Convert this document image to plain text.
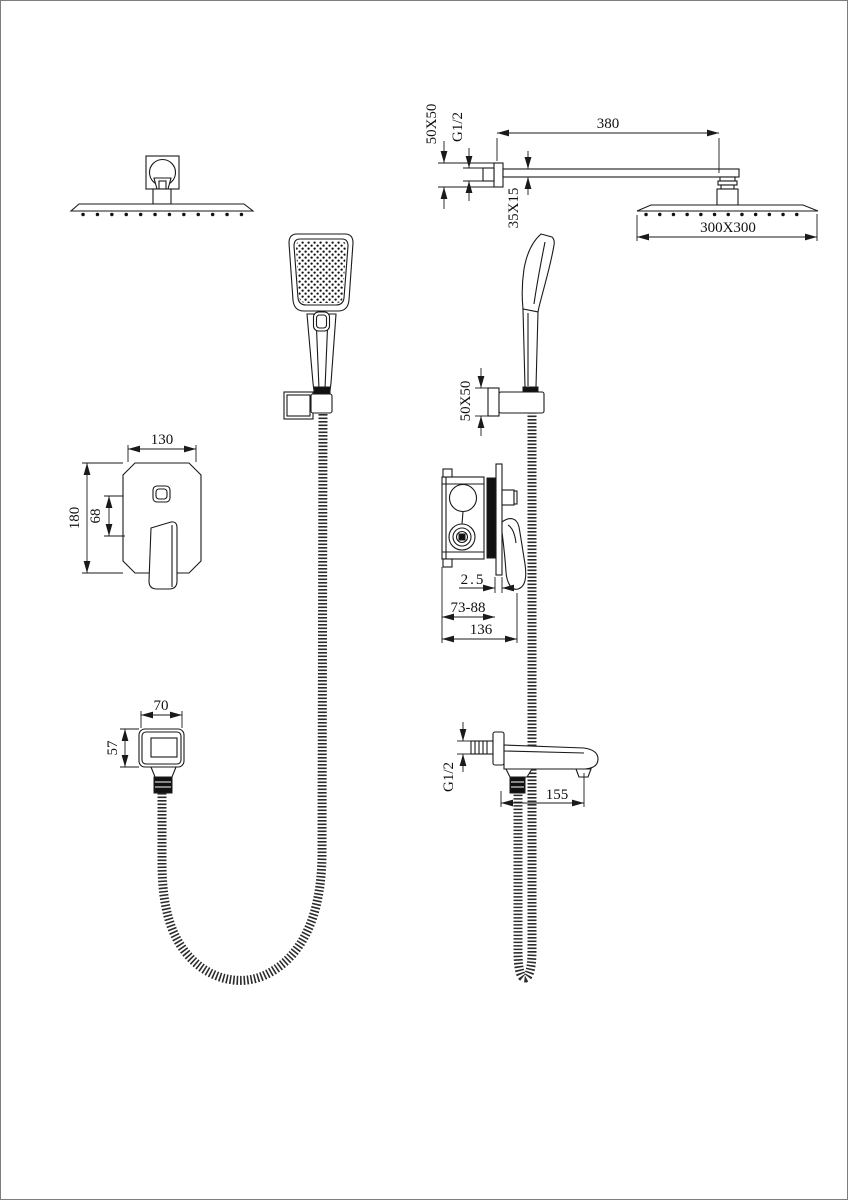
50X50 G1/2	380
35X15	300X300
50X50
130
180 68
2.5
73-88
136
70
57
G1/2
155
